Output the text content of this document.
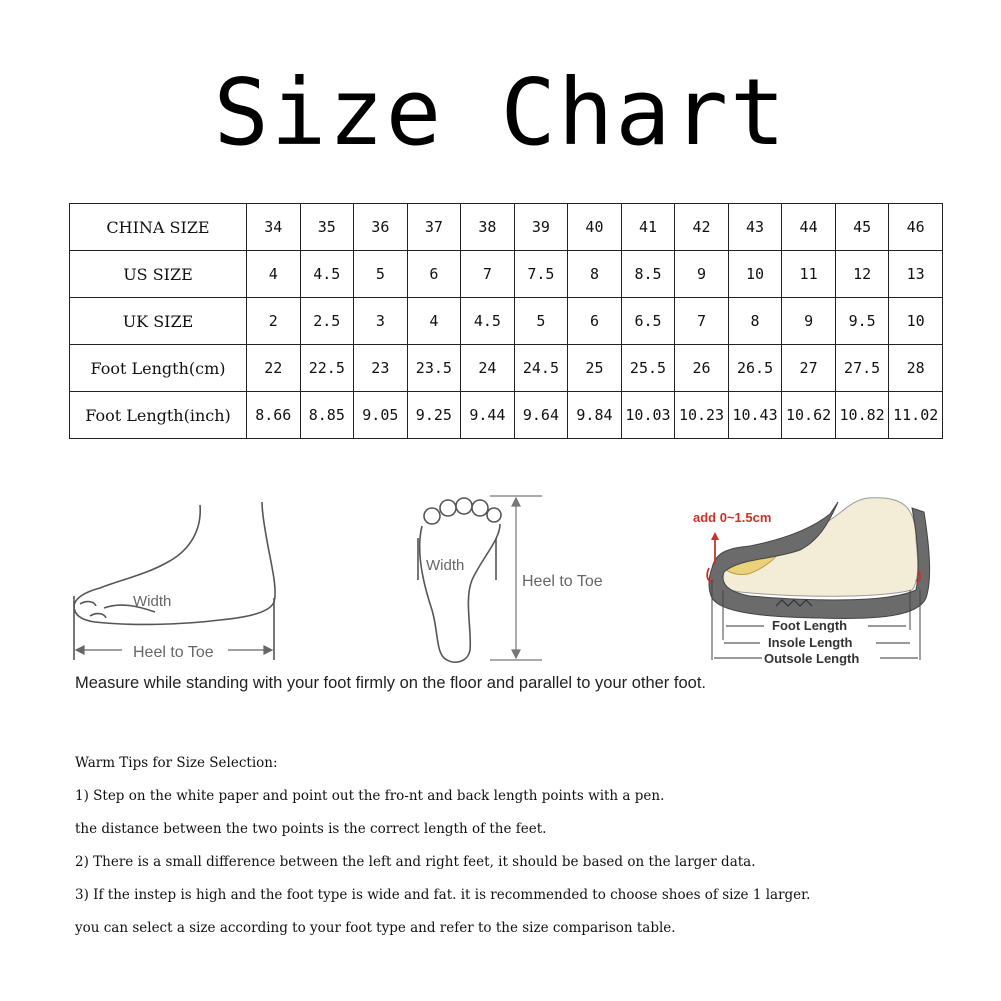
Size Chart
CHINA SIZE	34	35	36	37	38	39	40	41	42	43	44	45	46
US SIZE	4	4.5	5	6	7	7.5	8	8.5	9	10	11	12	13
UK SIZE	2	2.5	3	4	4.5	5	6	6.5	7	8	9	9.5	10
Foot Length(cm)	22	22.5	23	23.5	24	24.5	25	25.5	26	26.5	27	27.5	28
Foot Length(inch)	8.66	8.85	9.05	9.25	9.44	9.64	9.84	10.03	10.23	10.43	10.62	10.82	11.02
Width
Heel to Toe
Width
Heel to Toe
add 0~1.5cm
Foot Length
Insole Length
Outsole Length
Measure while standing with your foot firmly on the floor and parallel to your other foot.
Warm Tips for Size Selection:
1) Step on the white paper and point out the fro-nt and back length points with a pen.
the distance between the two points is the correct length of the feet.
2) There is a small difference between the left and right feet, it should be based on the larger data.
3) If the instep is high and the foot type is wide and fat. it is recommended to choose shoes of size 1 larger.
you can select a size according to your foot type and refer to the size comparison table.
